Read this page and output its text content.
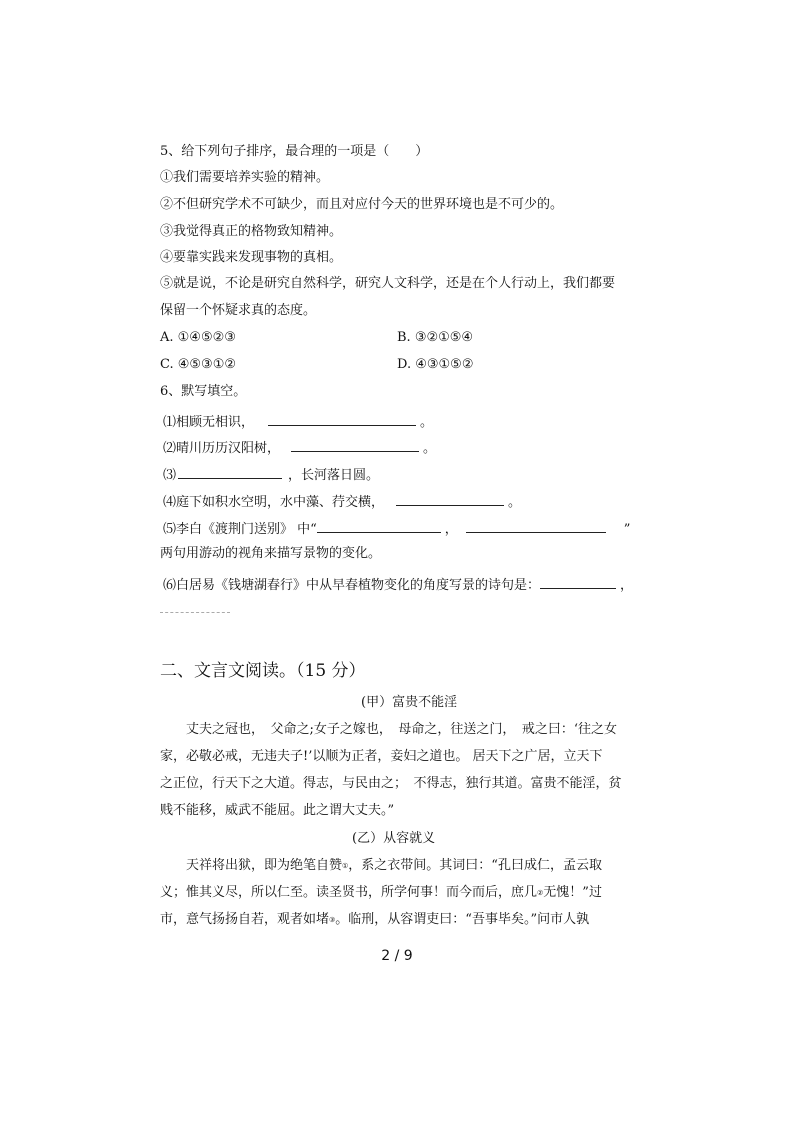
5、给下列句子排序，最合理的一项是（　　）
①我们需要培养实验的精神。
②不但研究学术不可缺少，而且对应付今天的世界环境也是不可少的。
③我觉得真正的格物致知精神。
④要靠实践来发现事物的真相。
⑤就是说，不论是研究自然科学，研究人文科学，还是在个人行动上，我们都要
保留一个怀疑求真的态度。
A. ①④⑤②③	B. ③②①⑤④
C. ④⑤③①②	D. ④③①⑤②
6、默写填空。
⑴相顾无相识，	。
⑵晴川历历汉阳树，	。
⑶	，长河落日圆。
⑷庭下如积水空明，水中藻、荇交横，	。
⑸李白《渡荆门送别》 中“	，	”
两句用游动的视角来描写景物的变化。
⑹白居易《钱塘湖春行》中从早春植物变化的角度写景的诗句是：	，
二、文言文阅读。（15 分）
(甲）富贵不能淫
丈夫之冠也，　父命之;女子之嫁也，　母命之，往送之门，　戒之曰：‘往之女
家，必敬必戒，无违夫子!’以顺为正者，妾妇之道也。 居天下之广居，立天下
之正位，行天下之大道。得志，与民由之；　不得志，独行其道。富贵不能淫，贫
贱不能移，威武不能屈。此之谓大丈夫。”
(乙）从容就义
天祥将出狱，即为绝笔自赞①，系之衣带间。其词曰：“孔曰成仁，孟云取
义；惟其义尽，所以仁至。读圣贤书，所学何事！而今而后，庶几②无愧！”过
市，意气扬扬自若，观者如堵③。临刑，从容谓吏曰：“吾事毕矣。”问市人孰
2 / 9
